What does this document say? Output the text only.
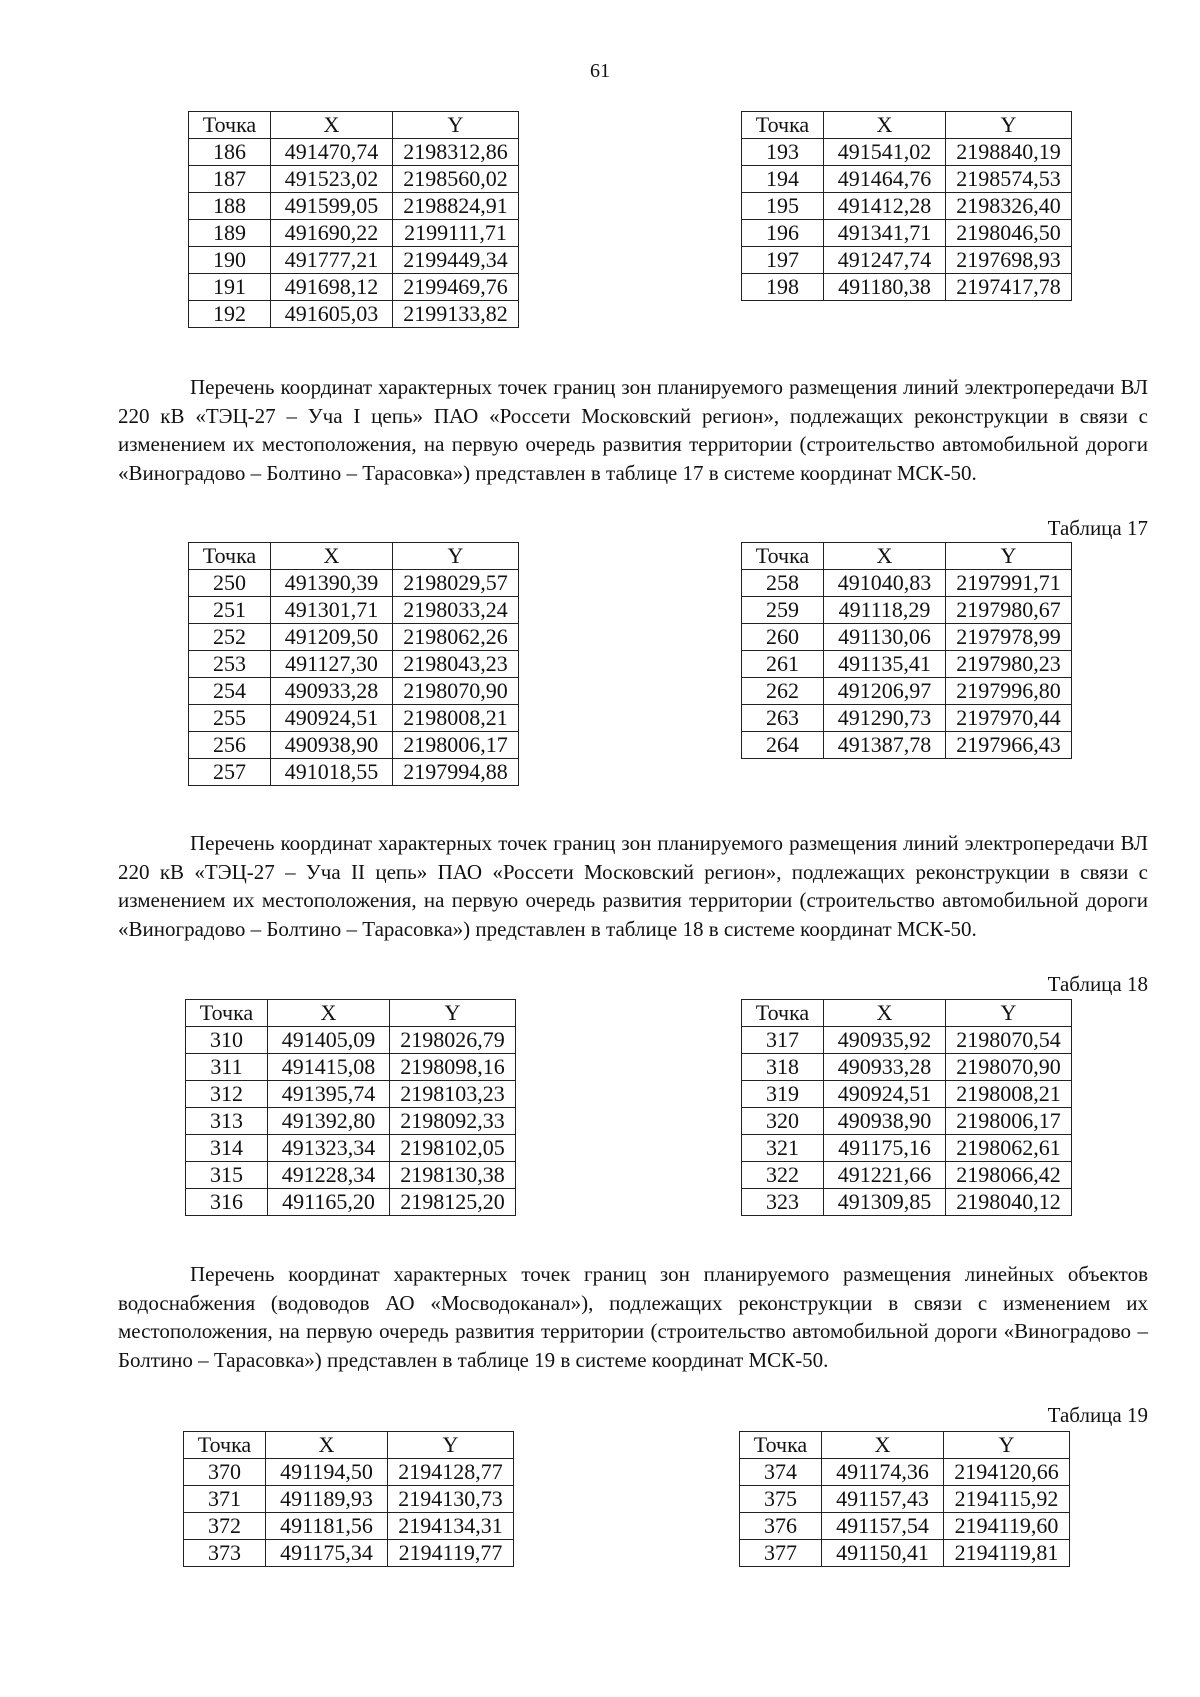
61
Точка	X	Y
186	491470,74	2198312,86
187	491523,02	2198560,02
188	491599,05	2198824,91
189	491690,22	2199111,71
190	491777,21	2199449,34
191	491698,12	2199469,76
192	491605,03	2199133,82
Точка	X	Y
193	491541,02	2198840,19
194	491464,76	2198574,53
195	491412,28	2198326,40
196	491341,71	2198046,50
197	491247,74	2197698,93
198	491180,38	2197417,78

Перечень координат характерных точек границ зон планируемого размещения линий электропередачи ВЛ 220 кВ «ТЭЦ-27 – Уча I цепь» ПАО «Россети Московский регион», подлежащих реконструкции в связи с изменением их местоположения, на первую очередь развития территории (строительство автомобильной дороги «Виноградово – Болтино – Тарасовка») представлен в таблице 17 в системе координат МСК-50.

Таблица 17
Точка	X	Y
250	491390,39	2198029,57
251	491301,71	2198033,24
252	491209,50	2198062,26
253	491127,30	2198043,23
254	490933,28	2198070,90
255	490924,51	2198008,21
256	490938,90	2198006,17
257	491018,55	2197994,88
Точка	X	Y
258	491040,83	2197991,71
259	491118,29	2197980,67
260	491130,06	2197978,99
261	491135,41	2197980,23
262	491206,97	2197996,80
263	491290,73	2197970,44
264	491387,78	2197966,43

Перечень координат характерных точек границ зон планируемого размещения линий электропередачи ВЛ 220 кВ «ТЭЦ-27 – Уча II цепь» ПАО «Россети Московский регион», подлежащих реконструкции в связи с изменением их местоположения, на первую очередь развития территории (строительство автомобильной дороги «Виноградово – Болтино – Тарасовка») представлен в таблице 18 в системе координат МСК-50.

Таблица 18
Точка	X	Y
310	491405,09	2198026,79
311	491415,08	2198098,16
312	491395,74	2198103,23
313	491392,80	2198092,33
314	491323,34	2198102,05
315	491228,34	2198130,38
316	491165,20	2198125,20
Точка	X	Y
317	490935,92	2198070,54
318	490933,28	2198070,90
319	490924,51	2198008,21
320	490938,90	2198006,17
321	491175,16	2198062,61
322	491221,66	2198066,42
323	491309,85	2198040,12

Перечень координат характерных точек границ зон планируемого размещения линейных объектов водоснабжения (водоводов АО «Мосводоканал»), подлежащих реконструкции в связи с изменением их местоположения, на первую очередь развития территории (строительство автомобильной дороги «Виноградово – Болтино – Тарасовка») представлен в таблице 19 в системе координат МСК-50.

Таблица 19
Точка	X	Y
370	491194,50	2194128,77
371	491189,93	2194130,73
372	491181,56	2194134,31
373	491175,34	2194119,77
Точка	X	Y
374	491174,36	2194120,66
375	491157,43	2194115,92
376	491157,54	2194119,60
377	491150,41	2194119,81
